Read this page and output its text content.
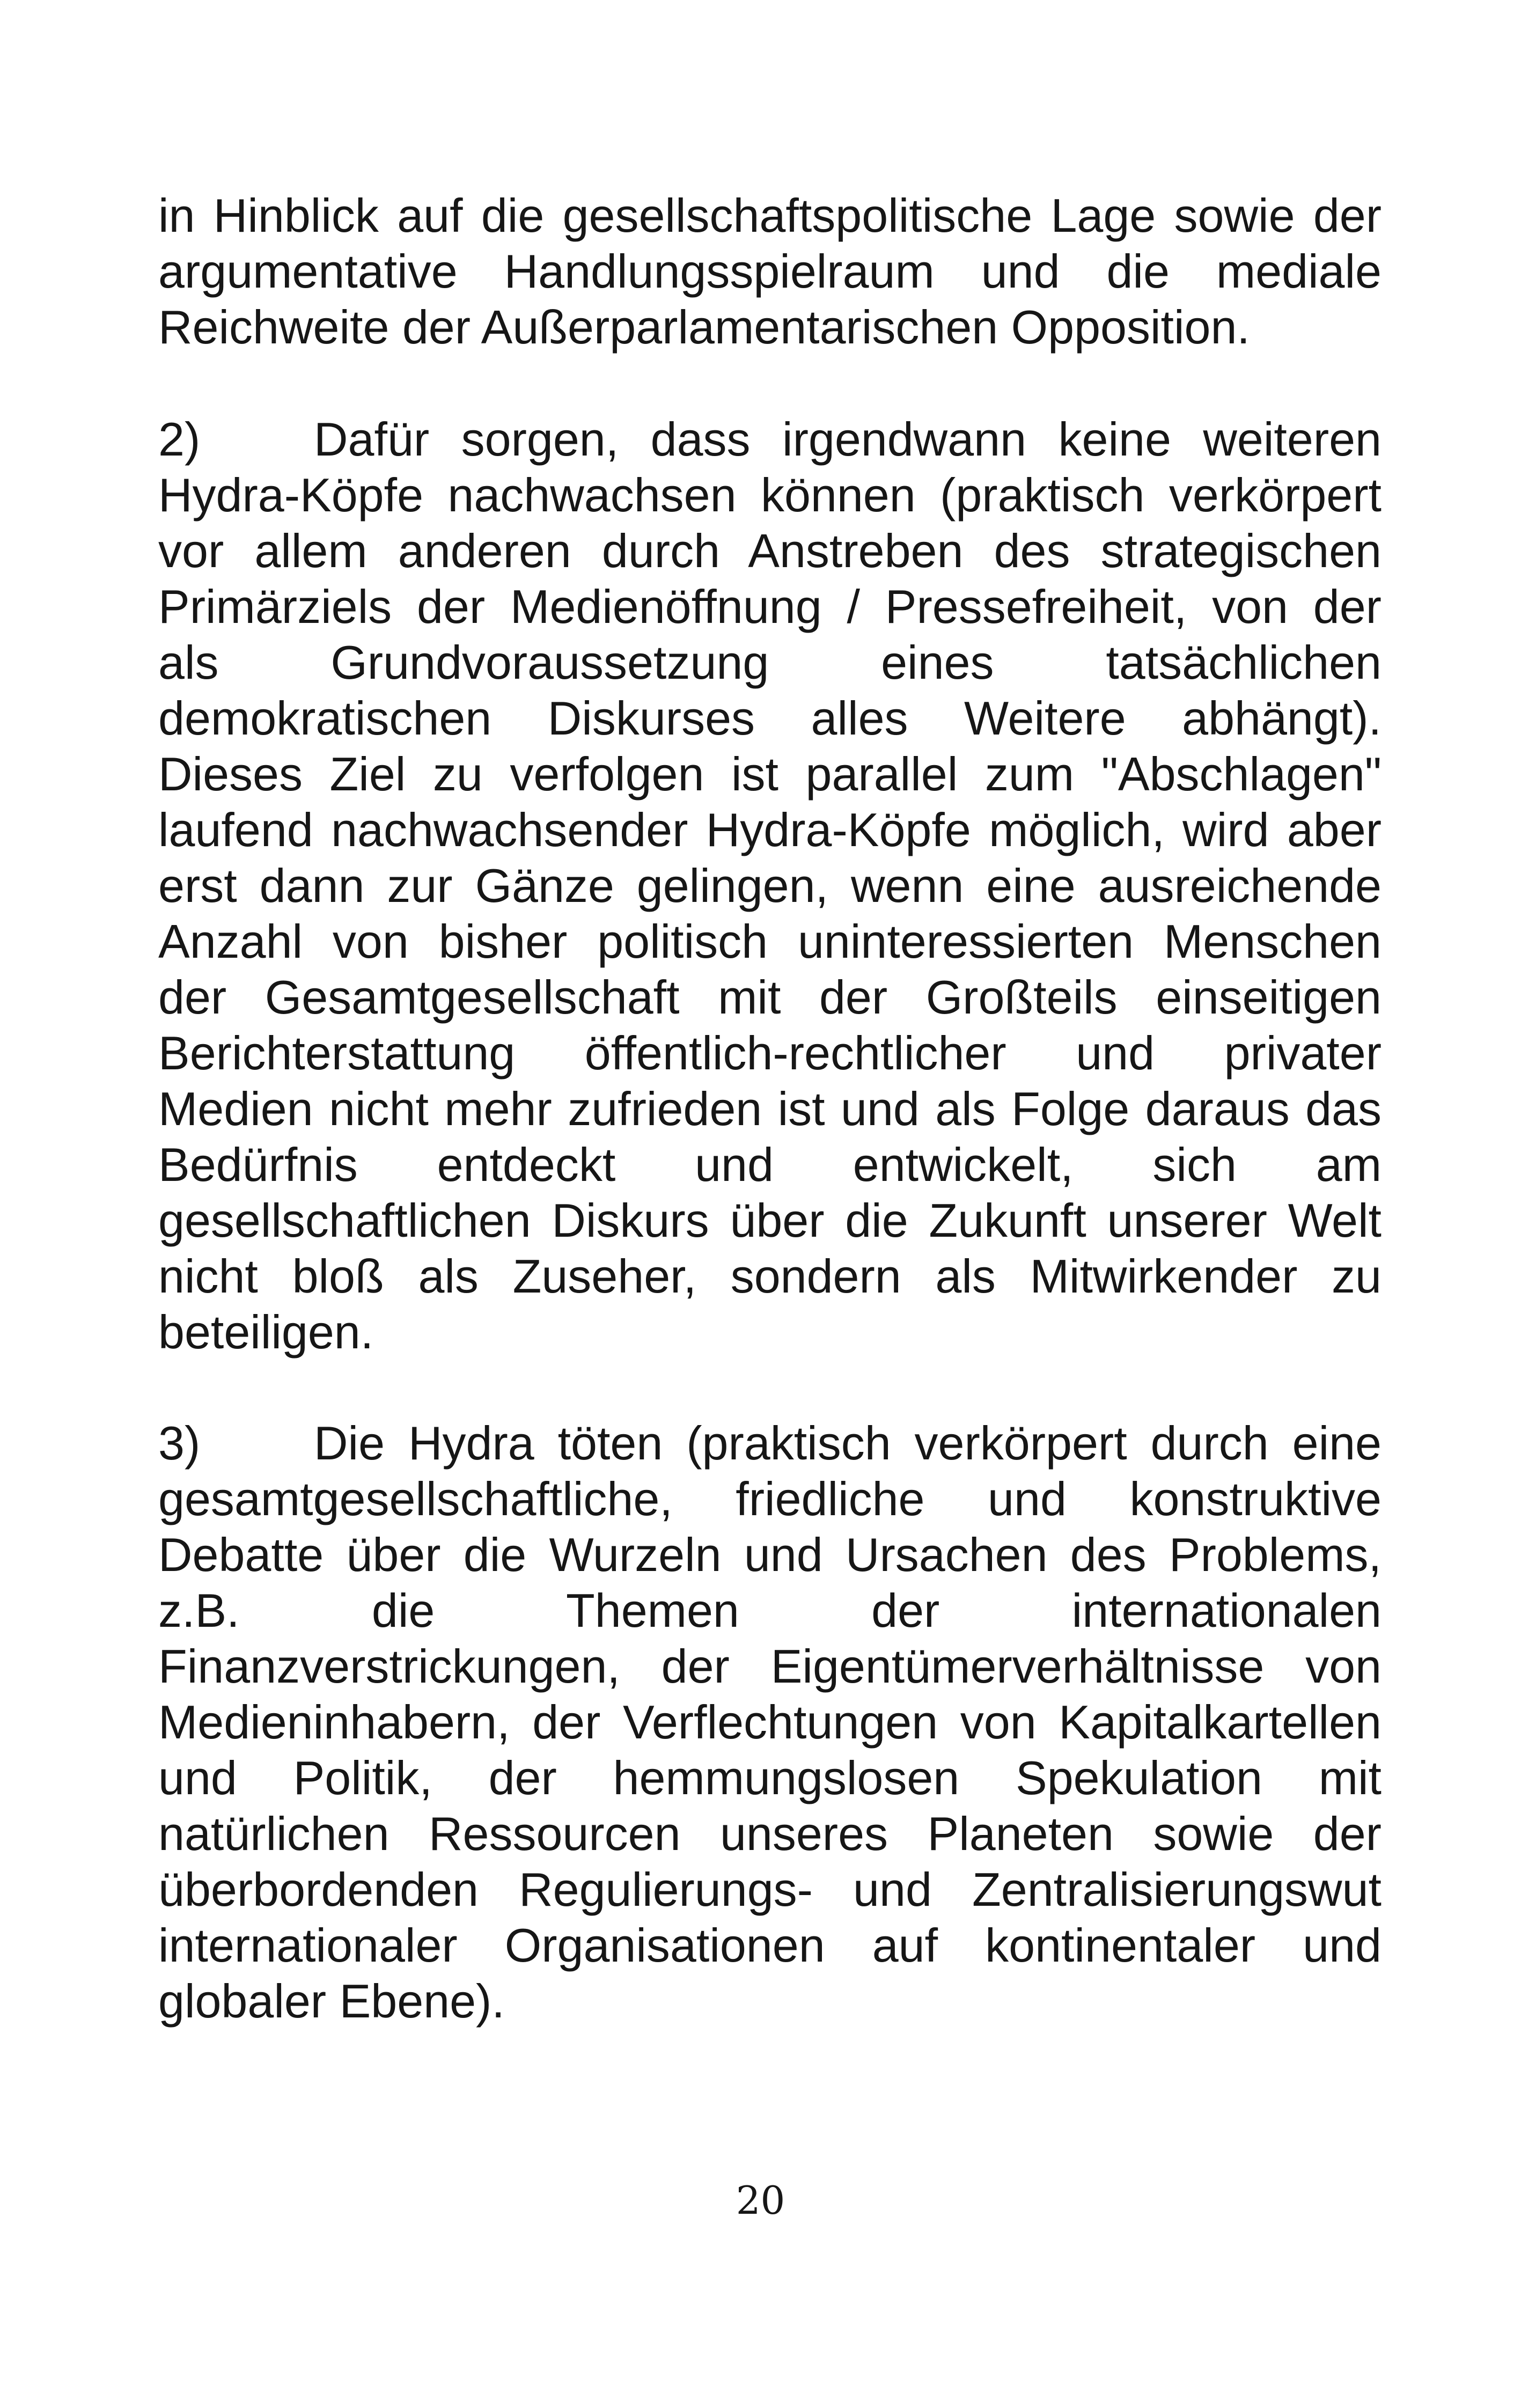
in Hinblick auf die gesellschaftspolitische Lage sowie der
argumentative Handlungsspielraum und die mediale
Reichweite der Außerparlamentarischen Opposition.
2) Dafür sorgen, dass irgendwann keine weiteren
Hydra-Köpfe nachwachsen können (praktisch verkörpert
vor allem anderen durch Anstreben des strategischen
Primärziels der Medienöffnung / Pressefreiheit, von der
als Grundvoraussetzung eines tatsächlichen
demokratischen Diskurses alles Weitere abhängt).
Dieses Ziel zu verfolgen ist parallel zum "Abschlagen"
laufend nachwachsender Hydra-Köpfe möglich, wird aber
erst dann zur Gänze gelingen, wenn eine ausreichende
Anzahl von bisher politisch uninteressierten Menschen
der Gesamtgesellschaft mit der Großteils einseitigen
Berichterstattung öffentlich-rechtlicher und privater
Medien nicht mehr zufrieden ist und als Folge daraus das
Bedürfnis entdeckt und entwickelt, sich am
gesellschaftlichen Diskurs über die Zukunft unserer Welt
nicht bloß als Zuseher, sondern als Mitwirkender zu
beteiligen.
3) Die Hydra töten (praktisch verkörpert durch eine
gesamtgesellschaftliche, friedliche und konstruktive
Debatte über die Wurzeln und Ursachen des Problems,
z.B. die Themen der internationalen
Finanzverstrickungen, der Eigentümerverhältnisse von
Medieninhabern, der Verflechtungen von Kapitalkartellen
und Politik, der hemmungslosen Spekulation mit
natürlichen Ressourcen unseres Planeten sowie der
überbordenden Regulierungs- und Zentralisierungswut
internationaler Organisationen auf kontinentaler und
globaler Ebene).
20
